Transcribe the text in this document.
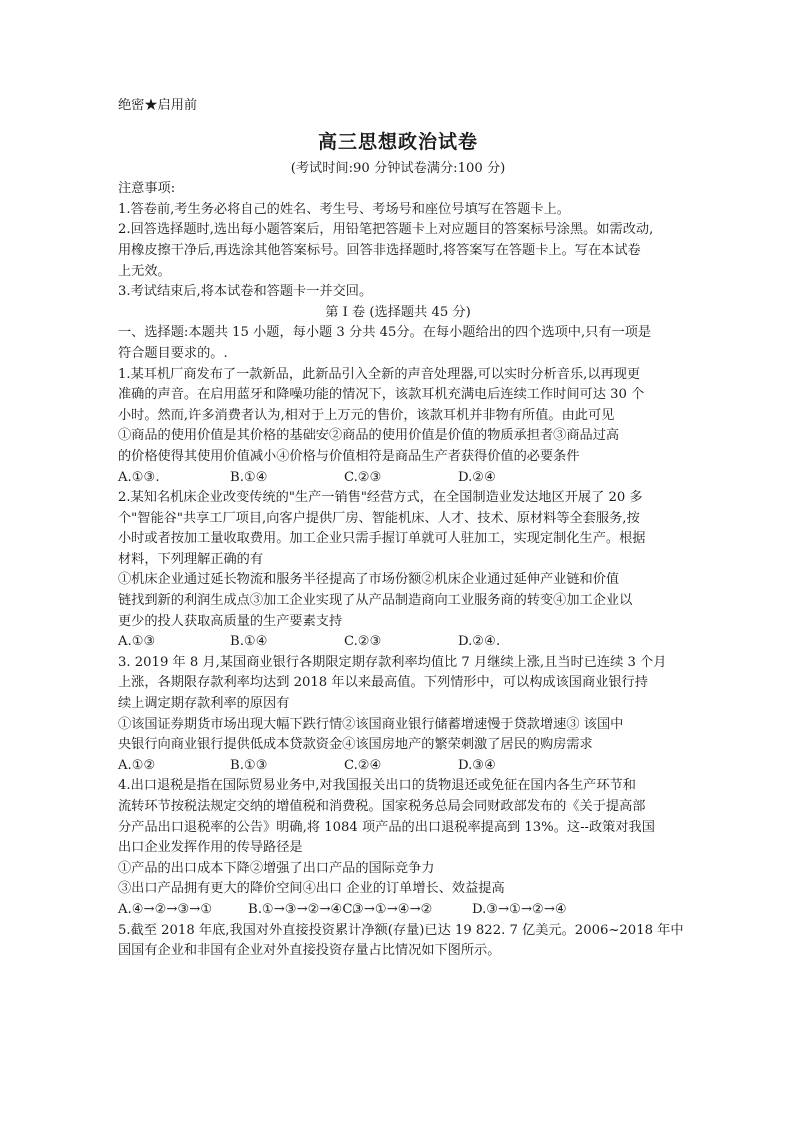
绝密★启用前
高三思想政治试卷
(考试时间:90 分钟试卷满分:100 分)
注意事项:
1.答卷前,考生务必将自己的姓名、考生号、考场号和座位号填写在答题卡上。
2.回答选择题时,选出每小题答案后，用铅笔把答题卡上对应题目的答案标号涂黑。如需改动,
用橡皮擦干净后,再选涂其他答案标号。回答非选择题时,将答案写在答题卡上。写在本试卷
上无效。
3.考试结束后,将本试卷和答题卡一并交回。
第 I 卷 (选择题共 45 分)
一、选择题:本题共 15 小题，每小题 3 分共 45分。在每小题给出的四个选项中,只有一项是
符合题目要求的。.
1.某耳机厂商发布了一款新品，此新品引入全新的声音处理器,可以实时分析音乐,以再现更
准确的声音。在启用蓝牙和降噪功能的情况下，该款耳机充满电后连续工作时间可达 30 个
小时。然而,许多消费者认为,相对于上万元的售价，该款耳机并非物有所值。由此可见
①商品的使用价值是其价格的基础安②商品的使用价值是价值的物质承担者③商品过高
的价格使得其使用价值减小④价格与价值相符是商品生产者获得价值的必要条件
A.①③.	B.①④	C.②③	D.②④
2.某知名机床企业改变传统的"生产一销售"经营方式，在全国制造业发达地区开展了 20 多
个"智能谷"共享工厂项目,向客户提供厂房、智能机床、人才、技术、原材料等全套服务,按
小时或者按加工量收取费用。加工企业只需手握订单就可人驻加工，实现定制化生产。根据
材料，下列理解正确的有
①机床企业通过延长物流和服务半径提高了市场份额②机床企业通过延伸产业链和价值
链找到新的利润生成点③加工企业实现了从产品制造商向工业服务商的转变④加工企业以
更少的投人获取高质量的生产要素支持
A.①③	B.①④	C.②③	D.②④.
3. 2019 年 8 月,某国商业银行各期限定期存款利率均值比 7 月继续上涨,且当时已连续 3 个月
上涨，各期限存款利率均达到 2018 年以来最高值。下列情形中，可以构成该国商业银行持
续上调定期存款利率的原因有
①该国证券期货市场出现大幅下跌行情②该国商业银行储蓄增速慢于贷款增速③ 该国中
央银行向商业银行提供低成本贷款资金④该国房地产的繁荣刺激了居民的购房需求
A.①②	B.①③	C.②④	D.③④
4.出口退税是指在国际贸易业务中,对我国报关出口的货物退还或免征在国内各生产环节和
流转环节按税法规定交纳的增值税和消费税。国家税务总局会同财政部发布的《关于提高部
分产品出口退税率的公告》明确,将 1084 项产品的出口退税率提高到 13%。这--政策对我国
出口企业发挥作用的传导路径是
①产品的出口成本下降②增强了出口产品的国际竞争力
③出口产品拥有更大的降价空间④出口 企业的订单增长、效益提高
A.④→②→③→①	B.①→③→②→④C.
③→①→④→②	D.③→①→②→④
5.截至 2018 年底,我国对外直接投资累计净额(存量)已达 19 822. 7 亿美元。2006~2018 年中
国国有企业和非国有企业对外直接投资存量占比情况如下图所示。
